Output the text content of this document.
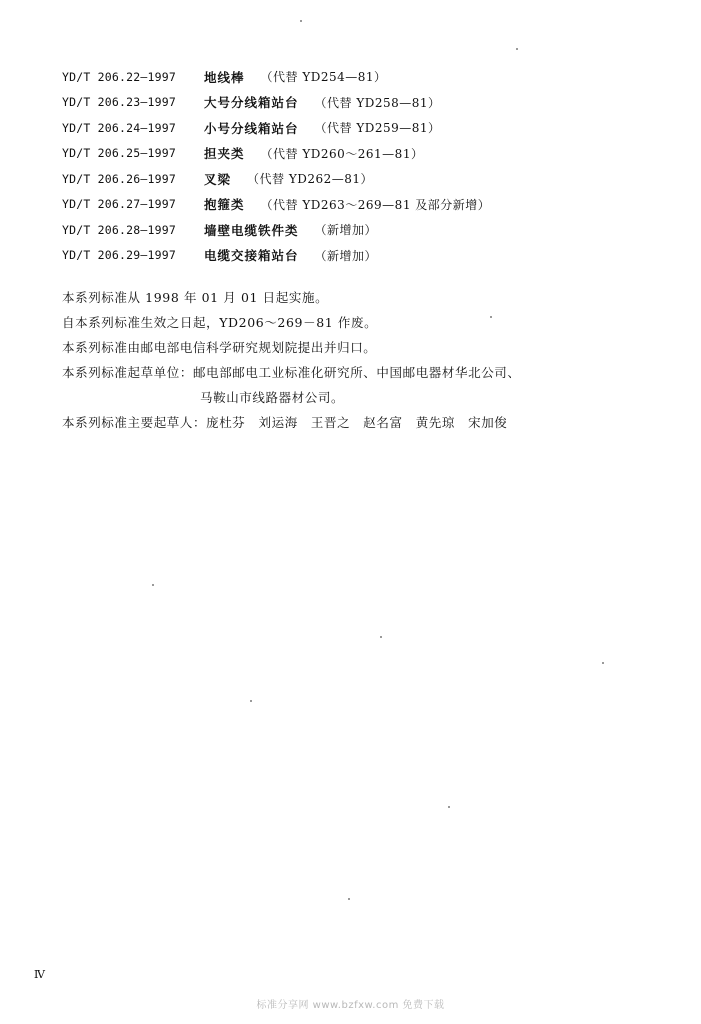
YD/T 206.22—1997	地线棒 （代替 YD254—81）
YD/T 206.23—1997	大号分线箱站台 （代替 YD258—81）
YD/T 206.24—1997	小号分线箱站台 （代替 YD259—81）
YD/T 206.25—1997	担夹类 （代替 YD260～261—81）
YD/T 206.26—1997	叉梁 （代替 YD262—81）
YD/T 206.27—1997	抱箍类 （代替 YD263～269—81 及部分新增）
YD/T 206.28—1997	墙壁电缆铁件类 （新增加）
YD/T 206.29—1997	电缆交接箱站台 （新增加）
本系列标准从 1998 年 01 月 01 日起实施。
自本系列标准生效之日起，YD206～269－81 作废。
本系列标准由邮电部电信科学研究规划院提出并归口。
本系列标准起草单位：邮电部邮电工业标准化研究所、中国邮电器材华北公司、
马鞍山市线路器材公司。
本系列标准主要起草人：庞杜芬　刘运海　王晋之　赵名富　黄先琼　宋加俊
Ⅳ
标准分享网 www.bzfxw.com 免费下载
